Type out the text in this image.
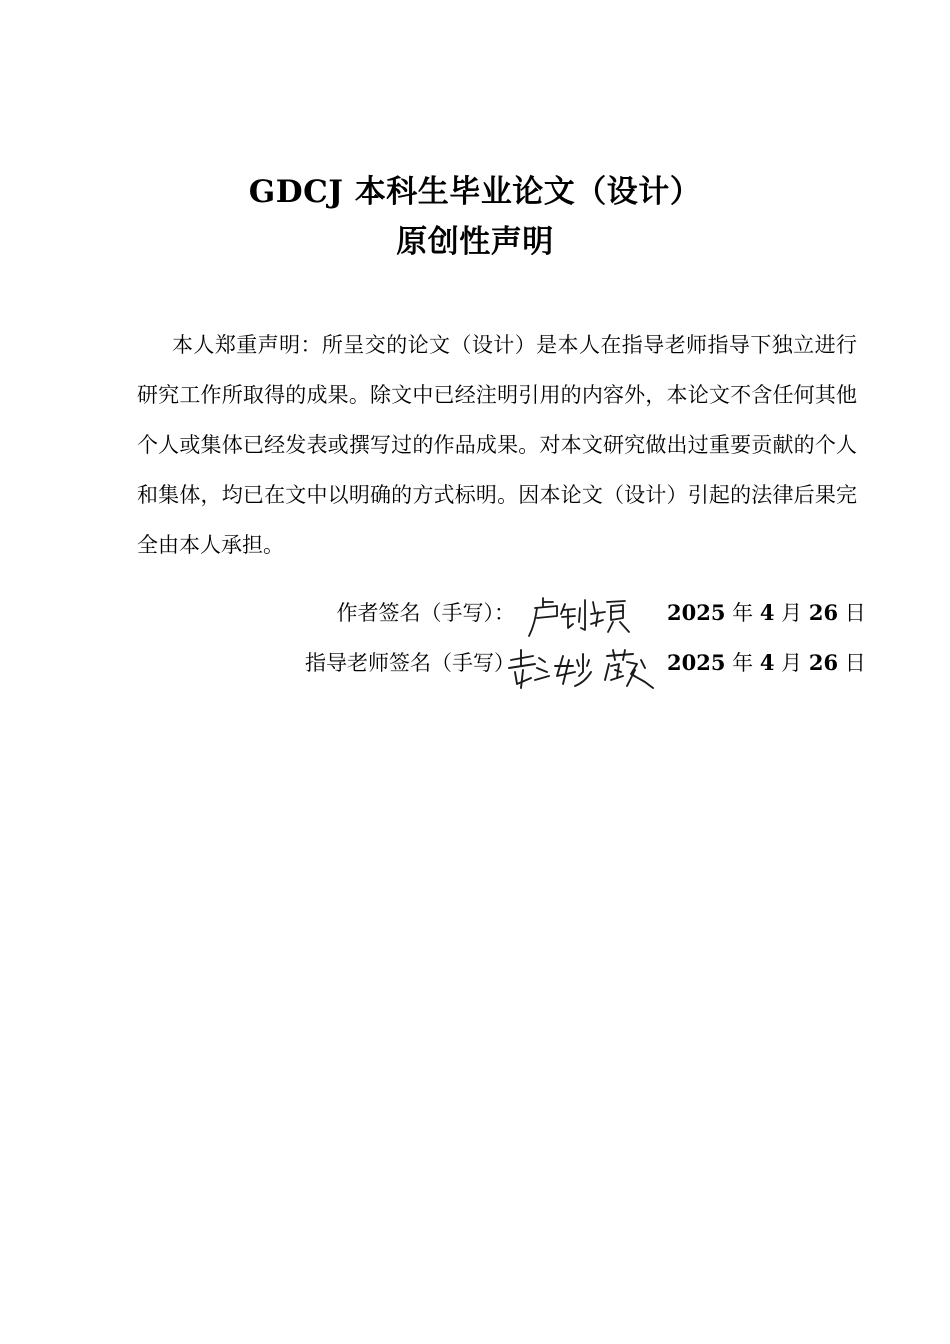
GDCJ 本科生毕业论文（设计）
原创性声明

本人郑重声明：所呈交的论文（设计）是本人在指导老师指导下独立进行研究工作所取得的成果。除文中已经注明引用的内容外，本论文不含任何其他个人或集体已经发表或撰写过的作品成果。对本文研究做出过重要贡献的个人和集体，均已在文中以明确的方式标明。因本论文（设计）引起的法律后果完全由本人承担。

作者签名（手写）：	2025 年 4 月 26 日
指导老师签名（手写）	2025 年 4 月 26 日
